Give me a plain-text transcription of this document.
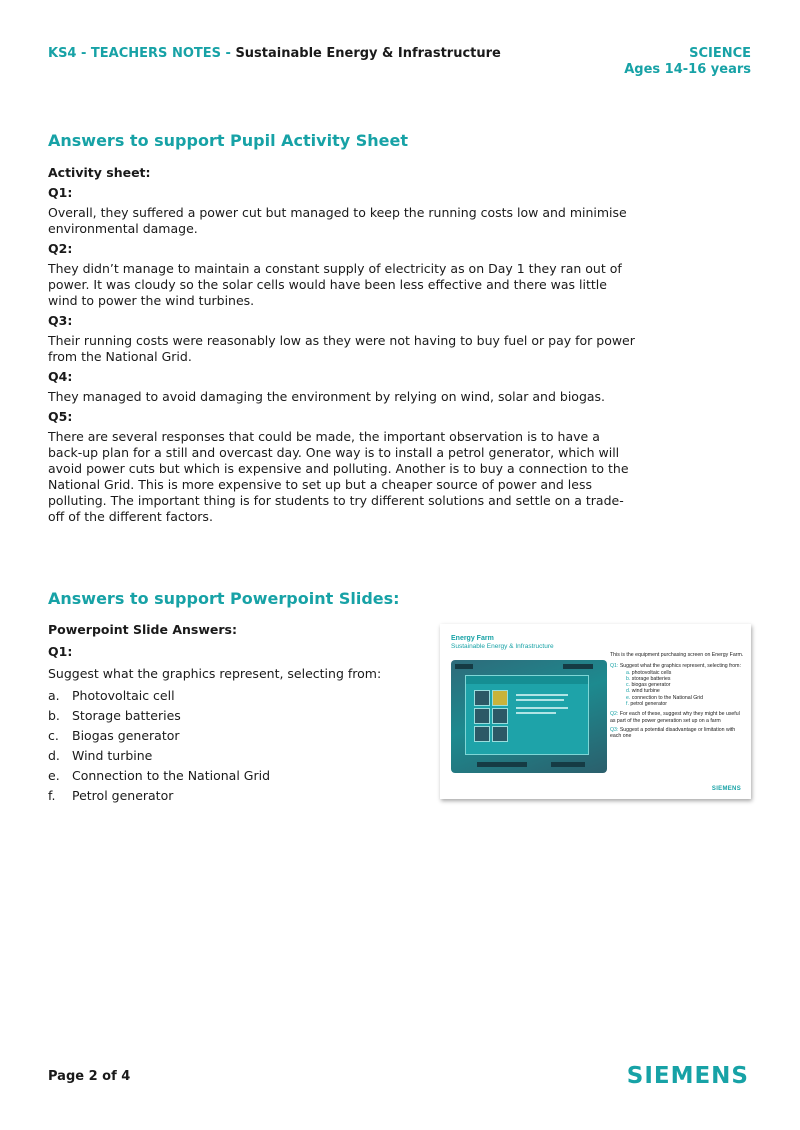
KS4 - TEACHERS NOTES - Sustainable Energy & Infrastructure	SCIENCE
Ages 14-16 years
Answers to support Pupil Activity Sheet
Activity sheet:
Q1:
Overall, they suffered a power cut but managed to keep the running costs low and minimise environmental damage.
Q2:
They didn’t manage to maintain a constant supply of electricity as on Day 1 they ran out of power. It was cloudy so the solar cells would have been less effective and there was little wind to power the wind turbines.
Q3:
Their running costs were reasonably low as they were not having to buy fuel or pay for power from the National Grid.
Q4:
They managed to avoid damaging the environment by relying on wind, solar and biogas.
Q5:
There are several responses that could be made, the important observation is to have a back-up plan for a still and overcast day. One way is to install a petrol generator, which will avoid power cuts but which is expensive and polluting. Another is to buy a connection to the National Grid. This is more expensive to set up but a cheaper source of power and less polluting. The important thing is for students to try different solutions and settle on a trade-off of the different factors.
Answers to support Powerpoint Slides:
Powerpoint Slide Answers:
Q1:
Suggest what the graphics represent, selecting from:
a. Photovoltaic cell
b. Storage batteries
c.	Biogas generator
d. Wind turbine
e. Connection to the National Grid
f.	Petrol generator
Energy Farm
Sustainable Energy & Infrastructure
This is the equipment purchasing screen on Energy Farm.
Q1: Suggest what the graphics represent, selecting from:
a. photovoltaic cells
b. storage batteries
c. biogas generator
d. wind turbine
e. connection to the National Grid
f. petrol generator
Q2: For each of these, suggest why they might be useful as part of the power generation set up on a farm
Q3: Suggest a potential disadvantage or limitation with each one
SIEMENS
Page 2 of 4	SIEMENS
